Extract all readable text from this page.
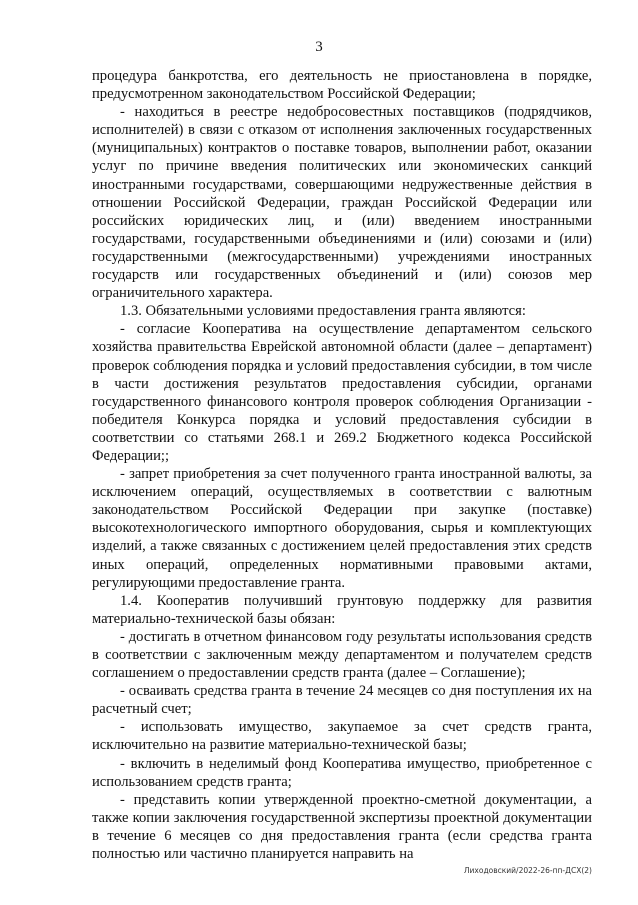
3

процедура банкротства, его деятельность не приостановлена в порядке, предусмотренном законодательством Российской Федерации;

- находиться в реестре недобросовестных поставщиков (подрядчиков, исполнителей) в связи с отказом от исполнения заключенных государственных (муниципальных) контрактов о поставке товаров, выполнении работ, оказании услуг по причине введения политических или экономических санкций иностранными государствами, совершающими недружественные действия в отношении Российской Федерации, граждан Российской Федерации или российских юридических лиц, и (или) введением иностранными государствами, государственными объединениями и (или) союзами и (или) государственными (межгосударственными) учреждениями иностранных государств или государственных объединений и (или) союзов мер ограничительного характера.

1.3. Обязательными условиями предоставления гранта являются:

- согласие Кооператива на осуществление департаментом сельского хозяйства правительства Еврейской автономной области (далее – департамент) проверок соблюдения порядка и условий предоставления субсидии, в том числе в части достижения результатов предоставления субсидии, органами государственного финансового контроля проверок соблюдения Организации - победителя Конкурса порядка и условий предоставления субсидии в соответствии со статьями 268.1 и 269.2 Бюджетного кодекса Российской Федерации;;

- запрет приобретения за счет полученного гранта иностранной валюты, за исключением операций, осуществляемых в соответствии с валютным законодательством Российской Федерации при закупке (поставке) высокотехнологического импортного оборудования, сырья и комплектующих изделий, а также связанных с достижением целей предоставления этих средств иных операций, определенных нормативными правовыми актами, регулирующими предоставление гранта.

1.4. Кооператив получивший грунтовую поддержку для развития материально-технической базы обязан:

- достигать в отчетном финансовом году результаты использования средств в соответствии с заключенным между департаментом и получателем средств соглашением о предоставлении средств гранта (далее – Соглашение);

- осваивать средства гранта в течение 24 месяцев со дня поступления их на расчетный счет;

- использовать имущество, закупаемое за счет средств гранта, исключительно на развитие материально-технической базы;

- включить в неделимый фонд Кооператива имущество, приобретенное с использованием средств гранта;

- представить копии утвержденной проектно-сметной документации, а также копии заключения государственной экспертизы проектной документации в течение 6 месяцев со дня предоставления гранта (если средства гранта полностью или частично планируется направить на

Лиходовский/2022-26-пп-ДСХ(2)
